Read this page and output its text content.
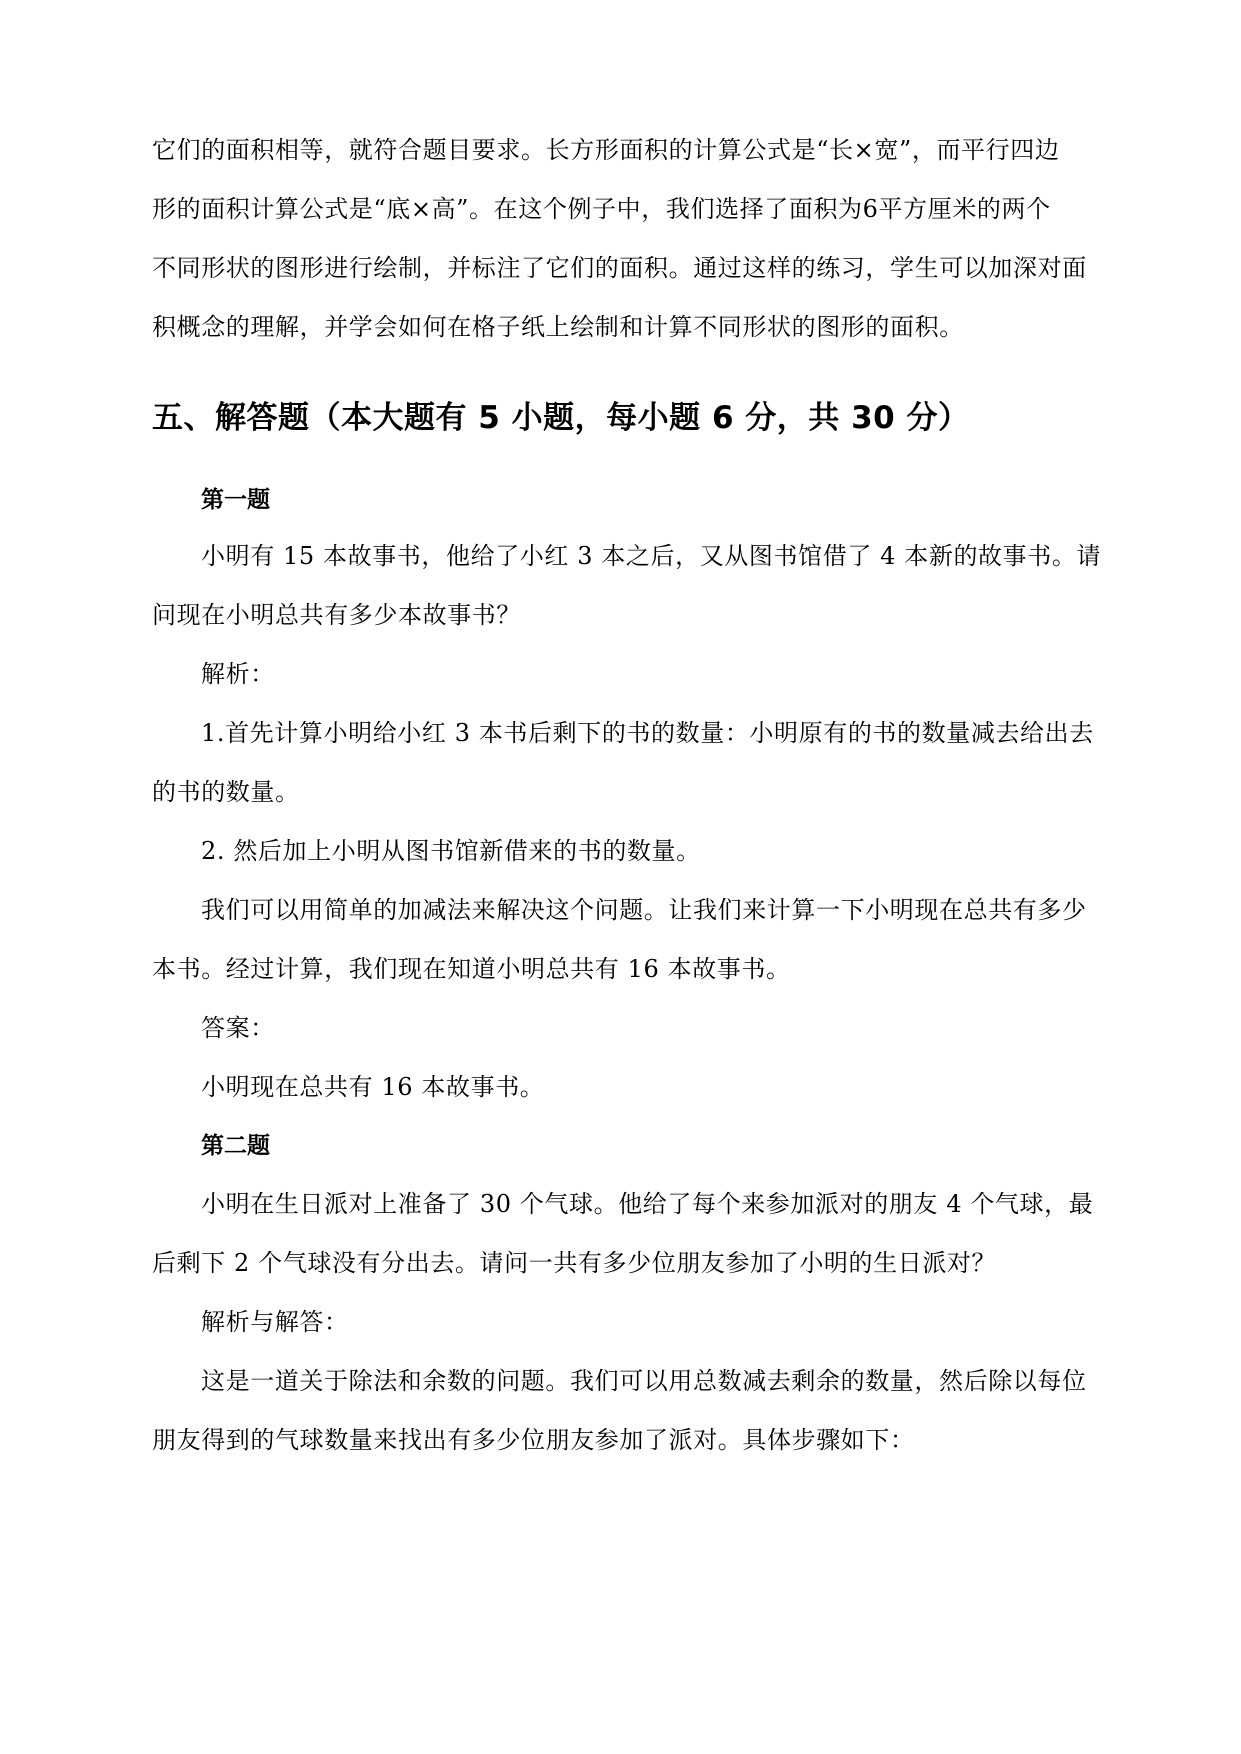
它们的面积相等，就符合题目要求。长方形面积的计算公式是“长×宽”，而平行四边
形的面积计算公式是“底×高”。在这个例子中，我们选择了面积为6平方厘米的两个
不同形状的图形进行绘制，并标注了它们的面积。通过这样的练习，学生可以加深对面
积概念的理解，并学会如何在格子纸上绘制和计算不同形状的图形的面积。
五、解答题（本大题有 5 小题，每小题 6 分，共 30 分）
第一题
小明有 15 本故事书，他给了小红 3 本之后，又从图书馆借了 4 本新的故事书。请
问现在小明总共有多少本故事书？
解析：
1.首先计算小明给小红 3 本书后剩下的书的数量：小明原有的书的数量减去给出去
的书的数量。
2. 然后加上小明从图书馆新借来的书的数量。
我们可以用简单的加减法来解决这个问题。让我们来计算一下小明现在总共有多少
本书。经过计算，我们现在知道小明总共有 16 本故事书。
答案：
小明现在总共有 16 本故事书。
第二题
小明在生日派对上准备了 30 个气球。他给了每个来参加派对的朋友 4 个气球，最
后剩下 2 个气球没有分出去。请问一共有多少位朋友参加了小明的生日派对？
解析与解答：
这是一道关于除法和余数的问题。我们可以用总数减去剩余的数量，然后除以每位
朋友得到的气球数量来找出有多少位朋友参加了派对。具体步骤如下：
